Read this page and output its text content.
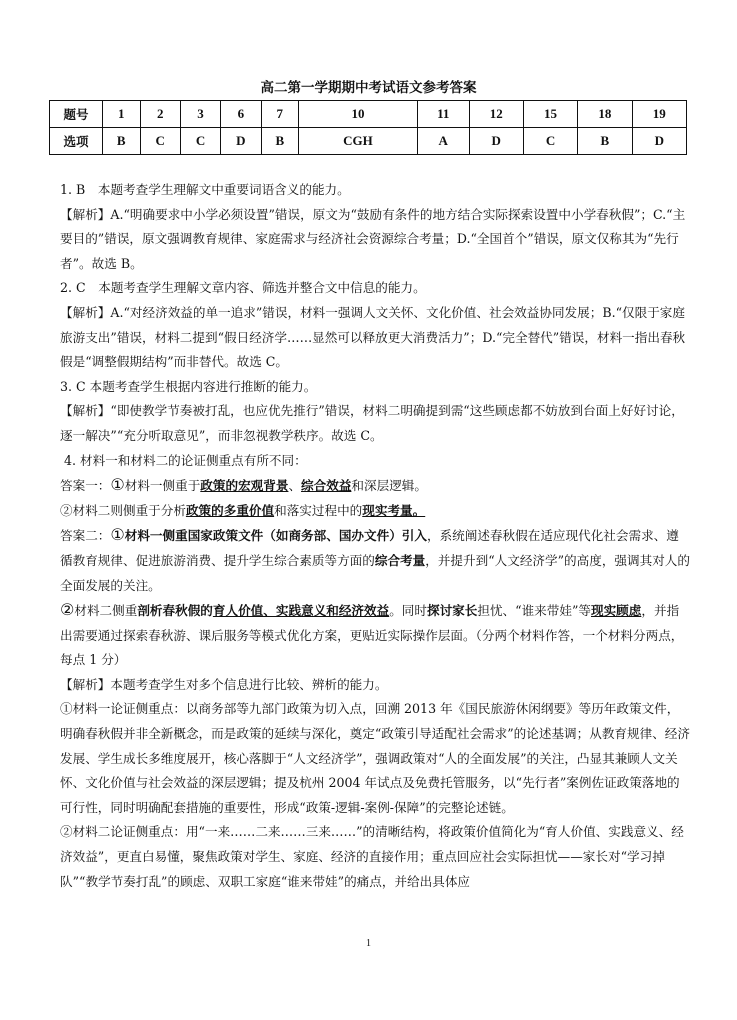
高二第一学期期中考试语文参考答案
题号	1	2	3	6	7	10	11	12	15	18	19
选项	B	C	C	D	B	CGH	A	D	C	B	D

1. B　本题考查学生理解文中重要词语含义的能力。

【解析】A.“明确要求中小学必须设置”错误，原文为“鼓励有条件的地方结合实际探索设置中小学春秋假”；C.“主要目的”错误，原文强调教育规律、家庭需求与经济社会资源综合考量；D.“全国首个”错误，原文仅称其为“先行者”。故选 B。

2. C　本题考查学生理解文章内容、筛选并整合文中信息的能力。

【解析】A.“对经济效益的单一追求”错误，材料一强调人文关怀、文化价值、社会效益协同发展；B.“仅限于家庭旅游支出”错误，材料二提到“假日经济学……显然可以释放更大消费活力”；D.“完全替代”错误，材料一指出春秋假是“调整假期结构”而非替代。故选 C。

3. C 本题考查学生根据内容进行推断的能力。

【解析】“即使教学节奏被打乱，也应优先推行”错误，材料二明确提到需“这些顾虑都不妨放到台面上好好讨论，逐一解决”“充分听取意见”，而非忽视教学秩序。故选 C。

4. 材料一和材料二的论证侧重点有所不同：

答案一：①材料一侧重于政策的宏观背景、综合效益和深层逻辑。

②材料二则侧重于分析政策的多重价值和落实过程中的现实考量。

答案二：①材料一侧重国家政策文件（如商务部、国办文件）引入，系统阐述春秋假在适应现代化社会需求、遵循教育规律、促进旅游消费、提升学生综合素质等方面的综合考量，并提升到“人文经济学”的高度，强调其对人的全面发展的关注。

②材料二侧重剖析春秋假的育人价值、实践意义和经济效益。同时探讨家长担忧、“谁来带娃”等现实顾虑，并指出需要通过探索春秋游、课后服务等模式优化方案，更贴近实际操作层面。（分两个材料作答，一个材料分两点，每点 1 分）

【解析】本题考查学生对多个信息进行比较、辨析的能力。

①材料一论证侧重点：以商务部等九部门政策为切入点，回溯 2013 年《国民旅游休闲纲要》等历年政策文件，明确春秋假并非全新概念，而是政策的延续与深化，奠定“政策引导适配社会需求”的论述基调；从教育规律、经济发展、学生成长多维度展开，核心落脚于“人文经济学”，强调政策对“人的全面发展”的关注，凸显其兼顾人文关怀、文化价值与社会效益的深层逻辑；提及杭州 2004 年试点及免费托管服务，以“先行者”案例佐证政策落地的可行性，同时明确配套措施的重要性，形成“政策-逻辑-案例-保障”的完整论述链。

②材料二论证侧重点：用“一来……二来……三来……”的清晰结构，将政策价值简化为“育人价值、实践意义、经济效益”，更直白易懂，聚焦政策对学生、家庭、经济的直接作用；重点回应社会实际担忧——家长对“学习掉队”“教学节奏打乱”的顾虑、双职工家庭“谁来带娃”的痛点，并给出具体应

1
